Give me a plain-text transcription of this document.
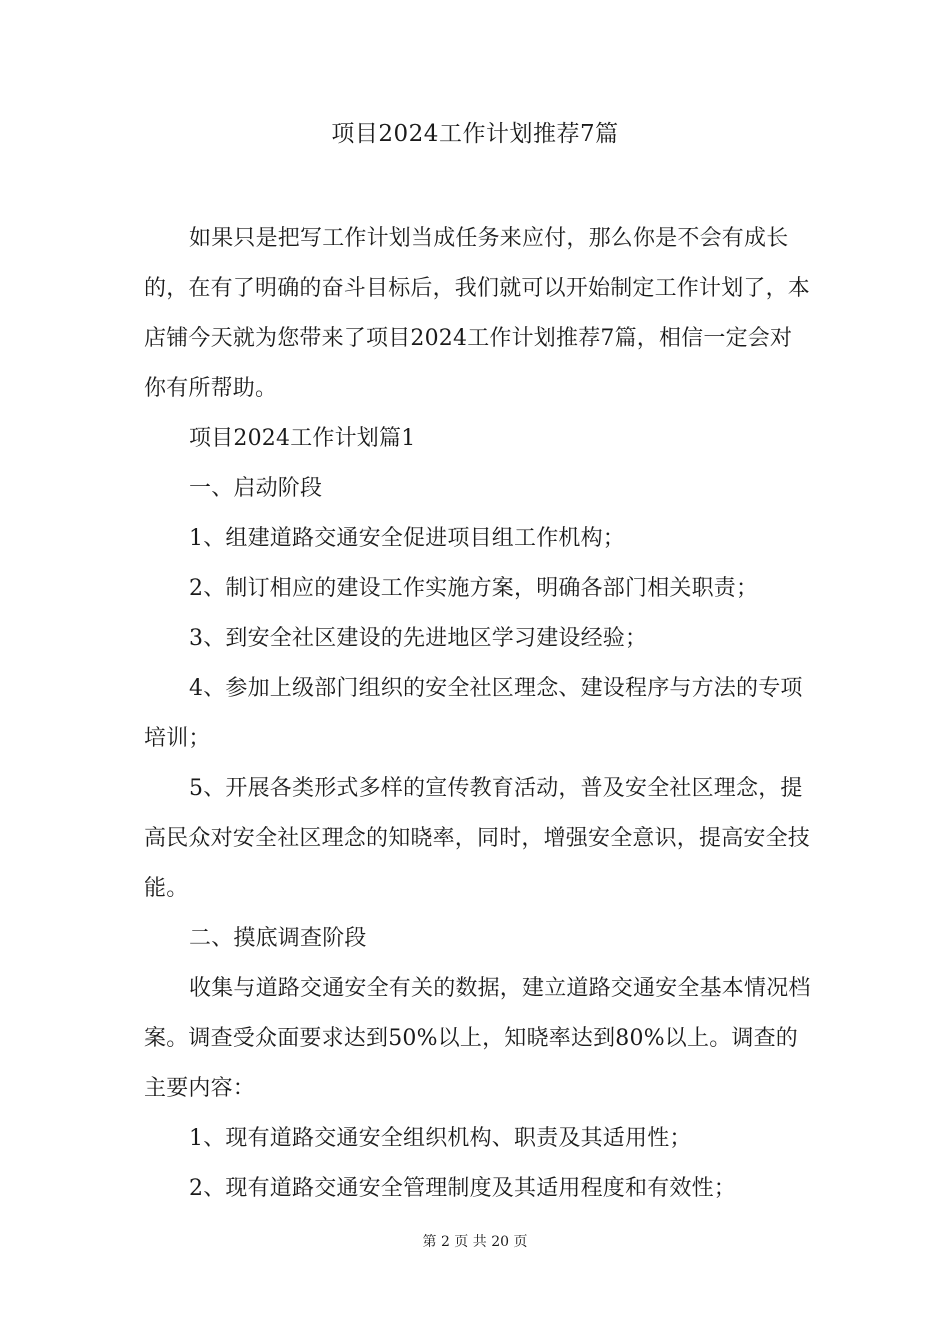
项目2024工作计划推荐7篇

如果只是把写工作计划当成任务来应付，那么你是不会有成长的，在有了明确的奋斗目标后，我们就可以开始制定工作计划了，本店铺今天就为您带来了项目2024工作计划推荐7篇，相信一定会对你有所帮助。

项目2024工作计划篇1

一、启动阶段

1、组建道路交通安全促进项目组工作机构；

2、制订相应的建设工作实施方案，明确各部门相关职责；

3、到安全社区建设的先进地区学习建设经验；

4、参加上级部门组织的安全社区理念、建设程序与方法的专项培训；

5、开展各类形式多样的宣传教育活动，普及安全社区理念，提高民众对安全社区理念的知晓率，同时，增强安全意识，提高安全技能。

二、摸底调查阶段

收集与道路交通安全有关的数据，建立道路交通安全基本情况档案。调查受众面要求达到50%以上，知晓率达到80%以上。调查的主要内容：

1、现有道路交通安全组织机构、职责及其适用性；

2、现有道路交通安全管理制度及其适用程度和有效性；

第 2 页 共 20 页
